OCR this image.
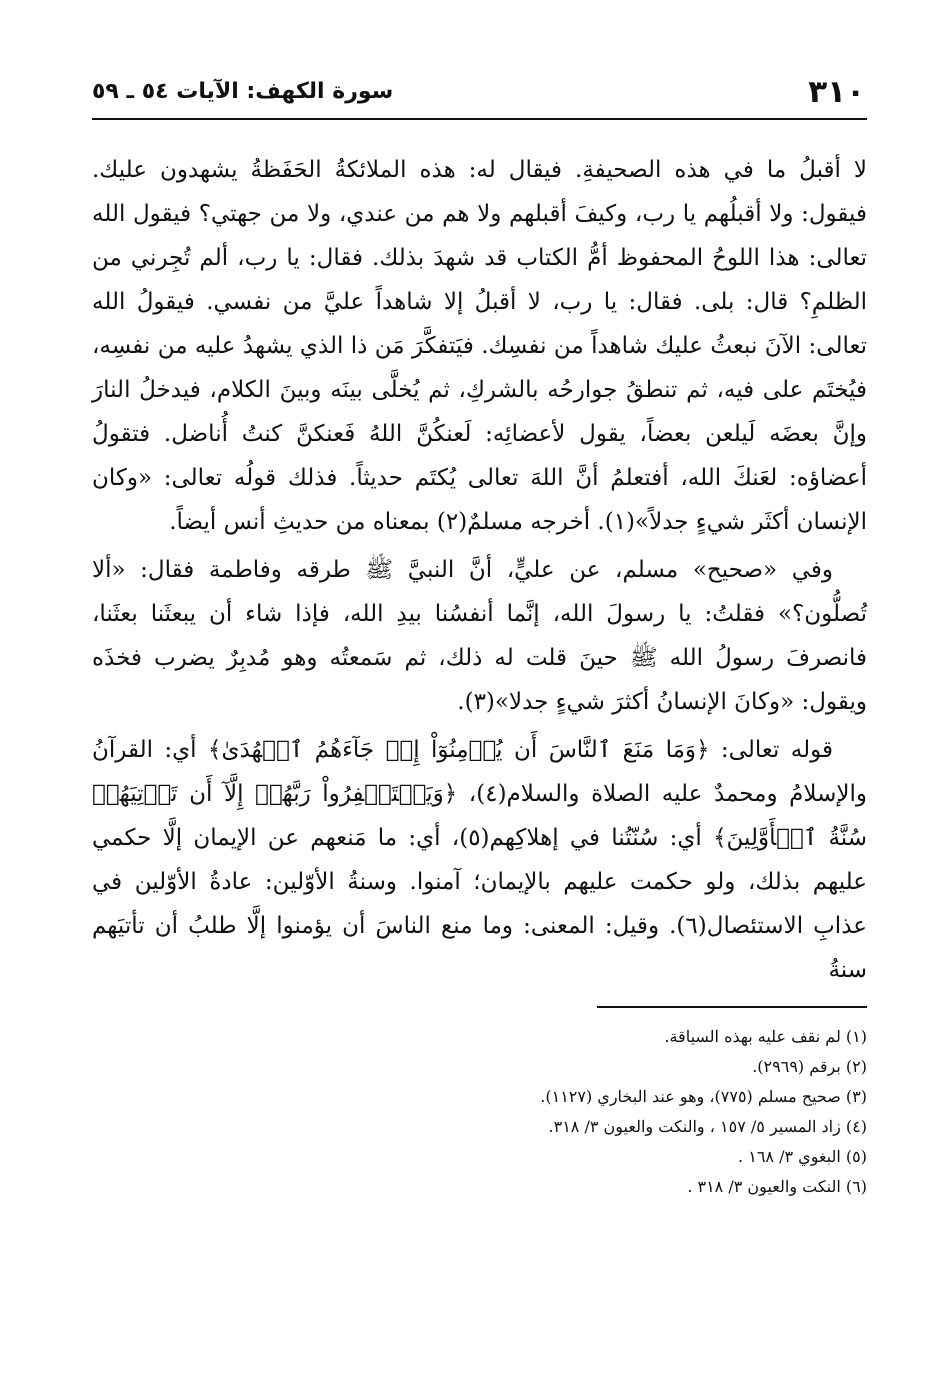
٣١٠
سورة الكهف: الآيات ٥٤ ـ ٥٩

لا أقبلُ ما في هذه الصحيفةِ. فيقال له: هذه الملائكةُ الحَفَظةُ يشهدون عليك. فيقول: ولا أقبلُهم يا رب، وكيفَ أقبلهم ولا هم من عندي، ولا من جهتي؟ فيقول الله تعالى: هذا اللوحُ المحفوظ أمُّ الكتاب قد شهدَ بذلك. فقال: يا رب، ألم تُجِرني من الظلمِ؟ قال: بلى. فقال: يا رب، لا أقبلُ إلا شاهداً عليَّ من نفسي. فيقولُ الله تعالى: الآنَ نبعثُ عليك شاهداً من نفسِك. فيَتفكَّرَ مَن ذا الذي يشهدُ عليه من نفسِه، فيُختَم على فيه، ثم تنطقُ جوارحُه بالشركِ، ثم يُخلَّى بينَه وبينَ الكلام، فيدخلُ النارَ وإنَّ بعضَه لَيلعن بعضاً، يقول لأعضائِه: لَعنكُنَّ اللهُ فَعنكنَّ كنتُ أُناضل. فتقولُ أعضاؤه: لعَنكَ الله، أفتعلمُ أنَّ اللهَ تعالى يُكتَم حديثاً. فذلك قولُه تعالى: «وكان الإنسان أكثَر شيءٍ جدلاً»(١). أخرجه مسلمٌ(٢) بمعناه من حديثِ أنس أيضاً.

وفي «صحيح» مسلم، عن عليٍّ، أنَّ النبيَّ ﷺ طرقه وفاطمة فقال: «ألا تُصلُّون؟» فقلتُ: يا رسولَ الله، إنَّما أنفسُنا بيدِ الله، فإذا شاء أن يبعثَنا بعثَنا، فانصرفَ رسولُ الله ﷺ حينَ قلت له ذلك، ثم سَمعتُه وهو مُدبِرٌ يضرب فخذَه ويقول: «وكانَ الإنسانُ أكثرَ شيءٍ جدلا»(٣).

قوله تعالى: ﴿وَمَا مَنَعَ ٱلنَّاسَ أَن يُؤۡمِنُوٓاْ إِذۡ جَآءَهُمُ ٱلۡهُدَىٰ﴾ أي: القرآنُ والإسلامُ ومحمدٌ عليه الصلاة والسلام(٤)، ﴿وَيَسۡتَغۡفِرُواْ رَبَّهُمۡ إِلَّآ أَن تَأۡتِيَهُمۡ سُنَّةُ ٱلۡأَوَّلِينَ﴾ أي: سُنّتُنا في إهلاكِهم(٥)، أي: ما مَنعهم عن الإيمان إلَّا حكمي عليهم بذلك، ولو حكمت عليهم بالإيمان؛ آمنوا. وسنةُ الأوّلين: عادةُ الأوّلين في عذابِ الاستئصال(٦). وقيل: المعنى: وما منع الناسَ أن يؤمنوا إلَّا طلبُ أن تأتيَهم سنةُ

(١) لم نقف عليه بهذه السياقة.
(٢) برقم (٢٩٦٩).
(٣) صحيح مسلم (٧٧٥)، وهو عند البخاري (١١٢٧).
(٤) زاد المسير ٥/ ١٥٧ ، والنكت والعيون ٣/ ٣١٨.
(٥) البغوي ٣/ ١٦٨ .
(٦) النكت والعيون ٣/ ٣١٨ .
